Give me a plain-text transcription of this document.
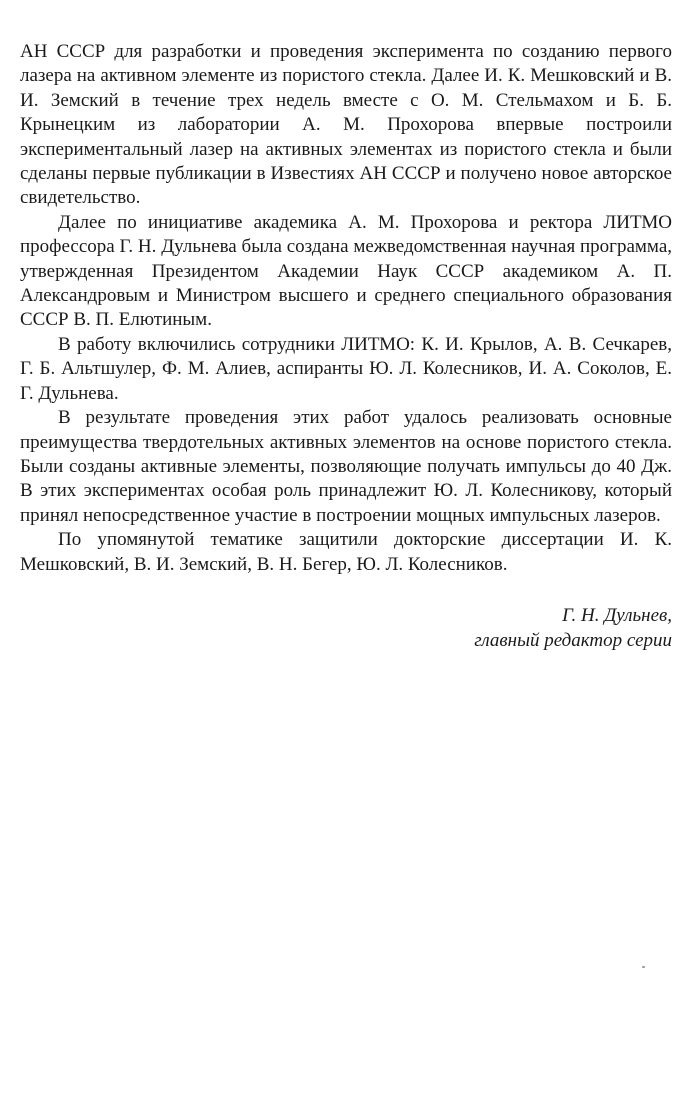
АН СССР для разработки и проведения эксперимента по созданию первого лазера на активном элементе из пористого стекла. Далее И. К. Мешковский и В. И. Земский в течение трех недель вместе с О. М. Стельмахом и Б. Б. Крынецким из лаборатории А. М. Прохорова впервые построили экспериментальный лазер на активных элементах из пористого стекла и были сделаны первые публикации в Известиях АН СССР и получено новое авторское свидетельство.

Далее по инициативе академика А. М. Прохорова и ректора ЛИТМО профессора Г. Н. Дульнева была создана межведомственная научная программа, утвержденная Президентом Академии Наук СССР академиком А. П. Александровым и Министром высшего и среднего специального образования СССР В. П. Елютиным.

В работу включились сотрудники ЛИТМО: К. И. Крылов, А. В. Сечкарев, Г. Б. Альтшулер, Ф. М. Алиев, аспиранты Ю. Л. Колесников, И. А. Соколов, Е. Г. Дульнева.

В результате проведения этих работ удалось реализовать основные преимущества твердотельных активных элементов на основе пористого стекла. Были созданы активные элементы, позволяющие получать импульсы до 40 Дж. В этих экспериментах особая роль принадлежит Ю. Л. Колесникову, который принял непосредственное участие в построении мощных импульсных лазеров.

По упомянутой тематике защитили докторские диссертации И. К. Мешковский, В. И. Земский, В. Н. Бегер, Ю. Л. Колесников.

Г. Н. Дульнев,
главный редактор серии
